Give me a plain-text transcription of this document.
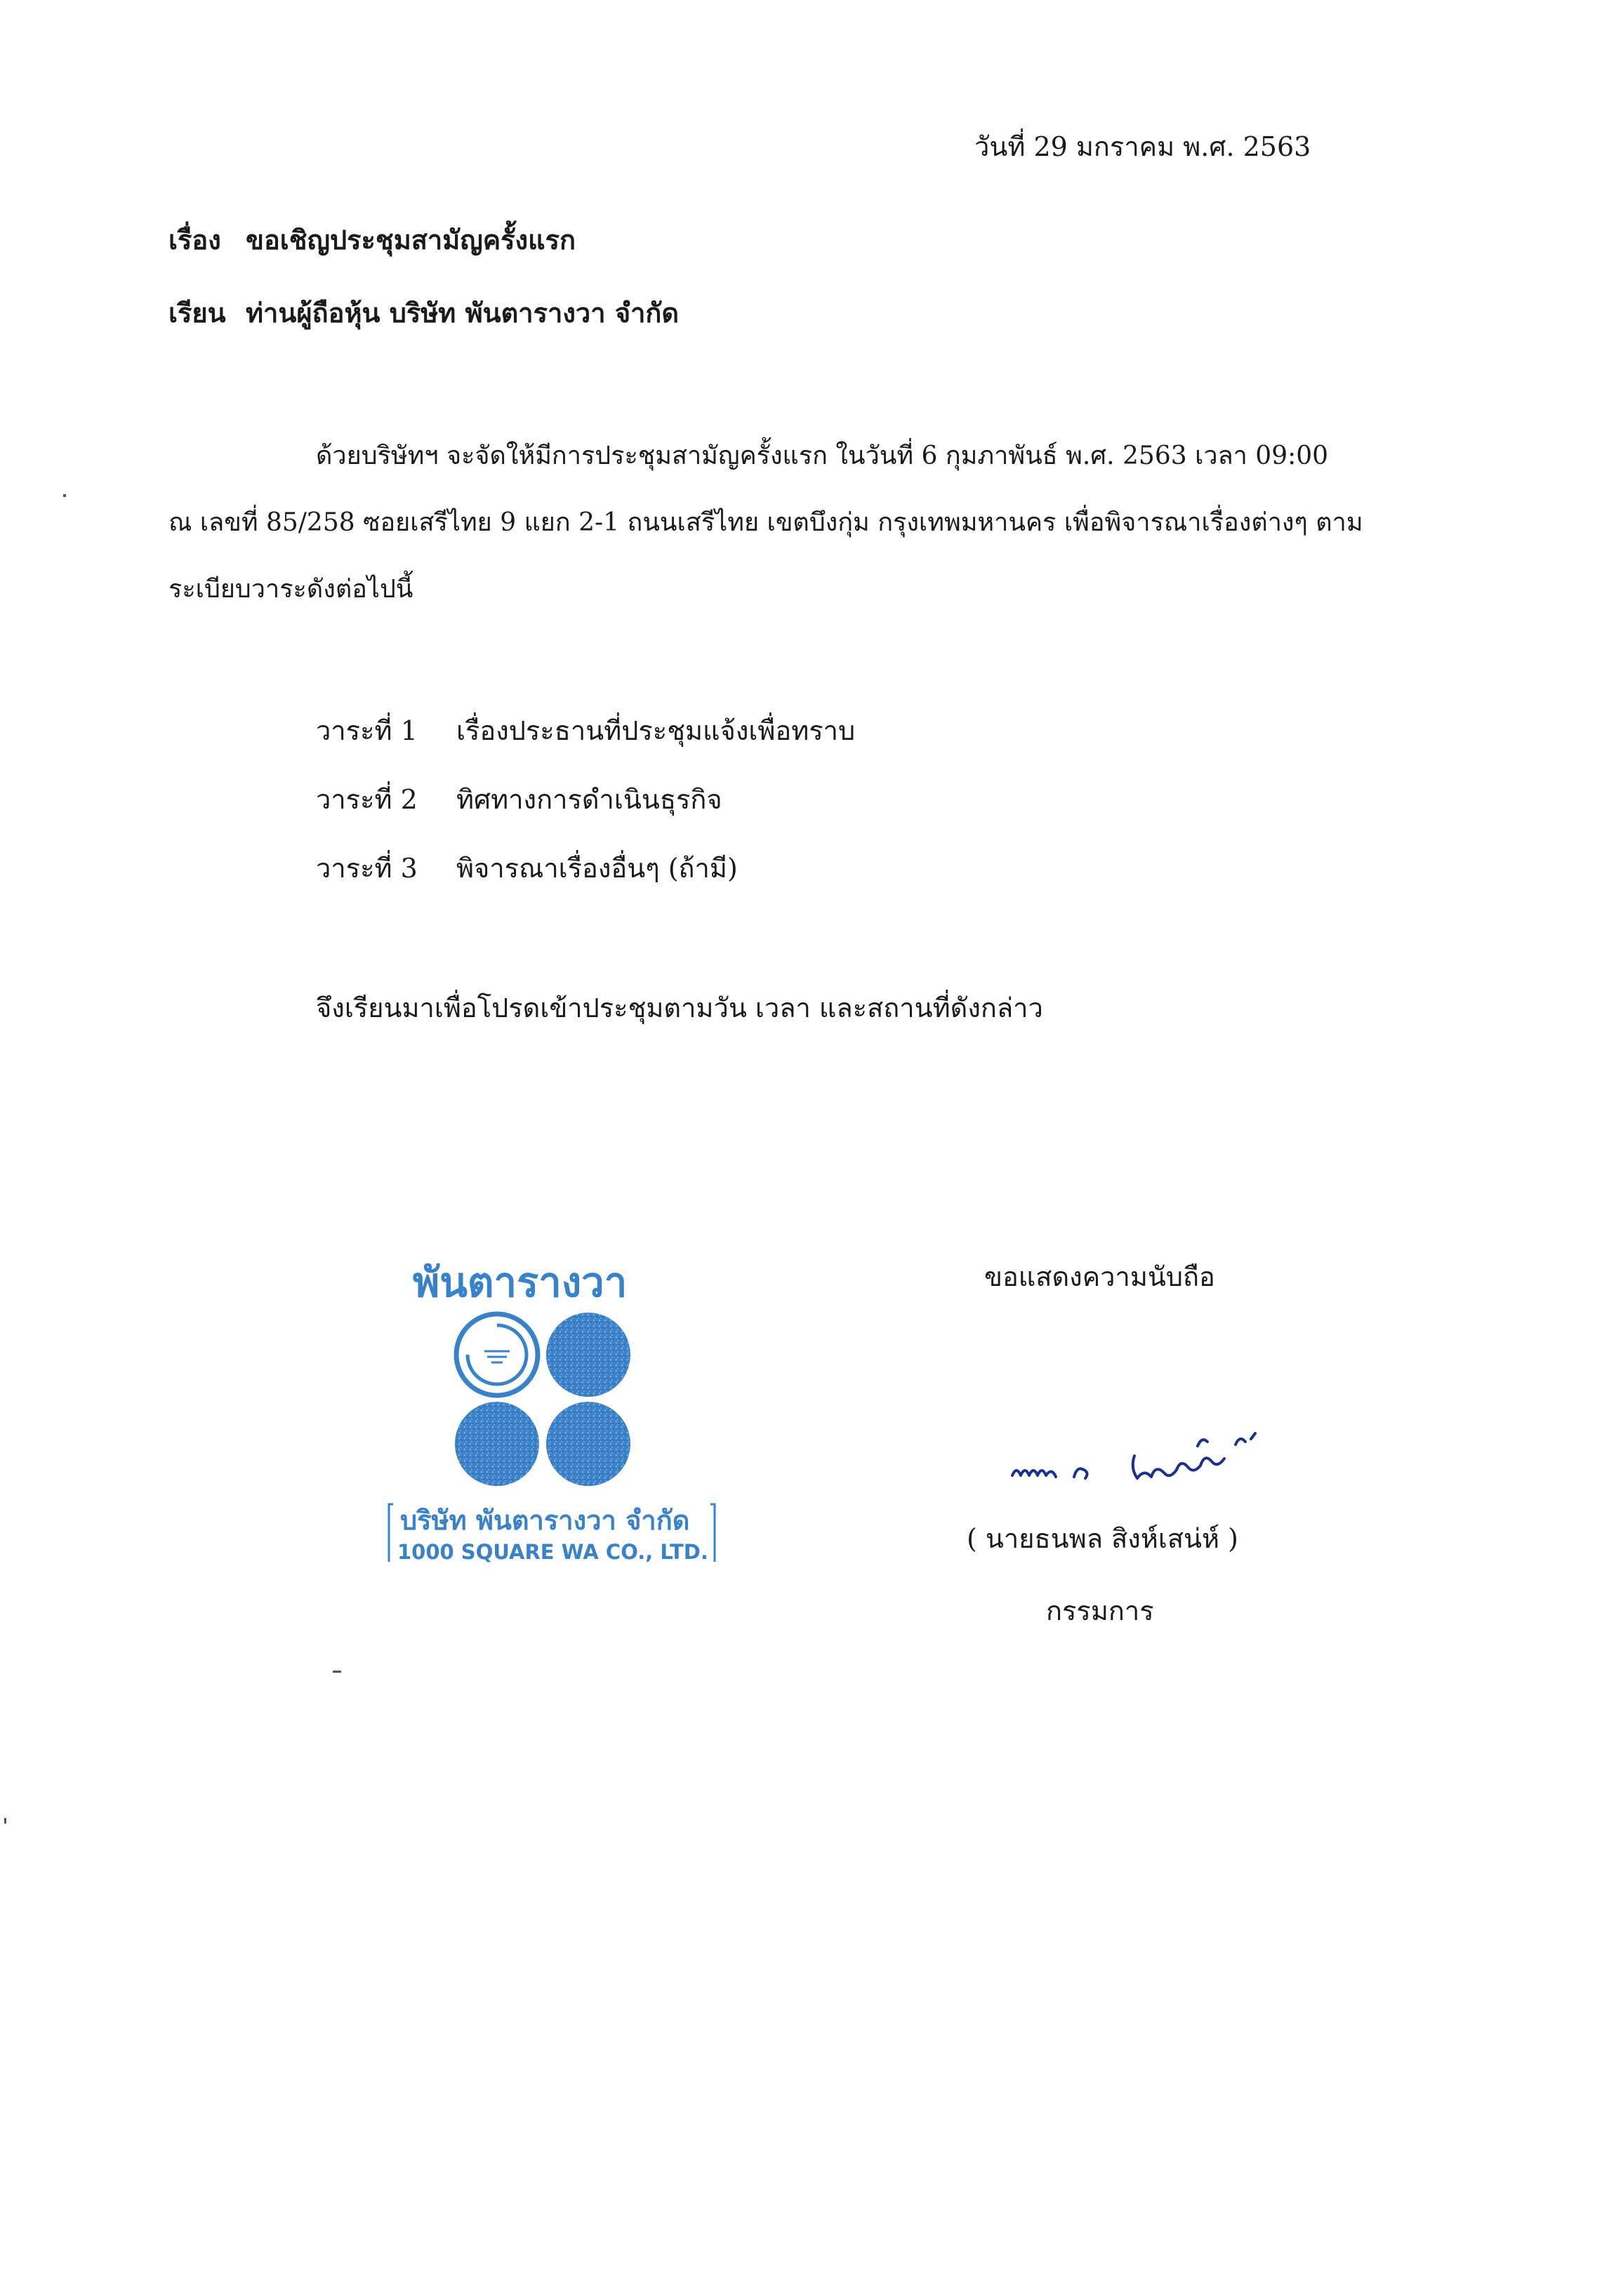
วันที่ 29 มกราคม พ.ศ. 2563

เรื่อง ขอเชิญประชุมสามัญครั้งแรก

เรียน ท่านผู้ถือหุ้น บริษัท พันตารางวา จำกัด

ด้วยบริษัทฯ จะจัดให้มีการประชุมสามัญครั้งแรก ในวันที่ 6 กุมภาพันธ์ พ.ศ. 2563 เวลา 09:00

ณ เลขที่ 85/258 ซอยเสรีไทย 9 แยก 2-1 ถนนเสรีไทย เขตบึงกุ่ม กรุงเทพมหานคร เพื่อพิจารณาเรื่องต่างๆ ตาม

ระเบียบวาระดังต่อไปนี้

วาระที่ 1 เรื่องประธานที่ประชุมแจ้งเพื่อทราบ

วาระที่ 2 ทิศทางการดำเนินธุรกิจ

วาระที่ 3 พิจารณาเรื่องอื่นๆ (ถ้ามี)

จึงเรียนมาเพื่อโปรดเข้าประชุมตามวัน เวลา และสถานที่ดังกล่าว

ขอแสดงความนับถือ

พันตารางวา
บริษัท พันตารางวา จำกัด
1000 SQUARE WA CO., LTD.	( นายธนพล สิงห์เสน่ห์ )

กรรมการ
